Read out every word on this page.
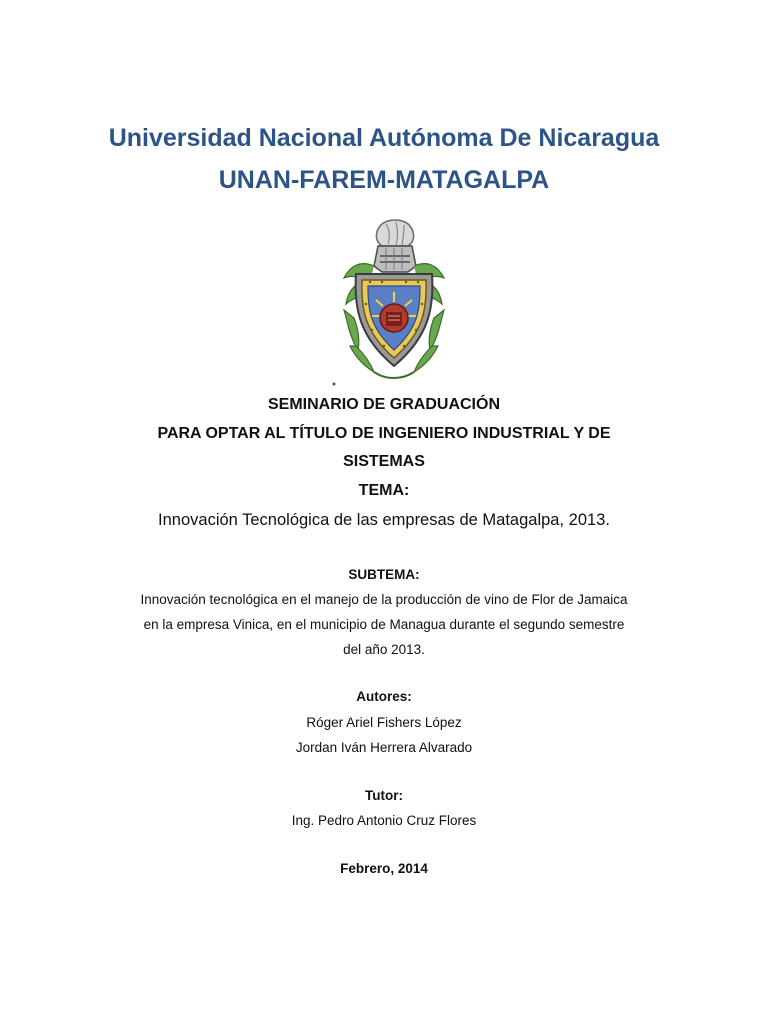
Universidad Nacional Autónoma De Nicaragua
UNAN-FAREM-MATAGALPA

SEMINARIO DE GRADUACIÓN

PARA OPTAR AL TÍTULO DE INGENIERO INDUSTRIAL Y DE

SISTEMAS

TEMA:

Innovación Tecnológica de las empresas de Matagalpa, 2013.

SUBTEMA:

Innovación tecnológica en el manejo de la producción de vino de Flor de Jamaica

en la empresa Vinica, en el municipio de Managua durante el segundo semestre

del año 2013.

Autores:

Róger Ariel Fishers López

Jordan Iván Herrera Alvarado

Tutor:

Ing. Pedro Antonio Cruz Flores

Febrero, 2014
